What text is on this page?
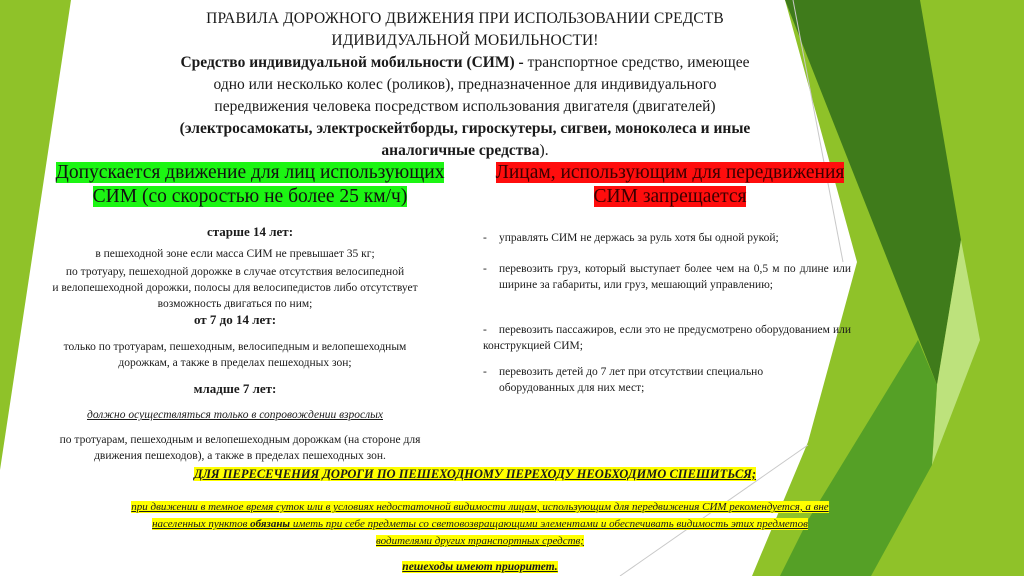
ПРАВИЛА ДОРОЖНОГО ДВИЖЕНИЯ ПРИ ИСПОЛЬЗОВАНИИ СРЕДСТВ
ИДИВИДУАЛЬНОЙ МОБИЛЬНОСТИ!
Средство индивидуальной мобильности (СИМ) - транспортное средство, имеющее
одно или несколько колес (роликов), предназначенное для индивидуального
передвижения человека посредством использования двигателя (двигателей)
(электросамокаты, электроскейтборды, гироскутеры, сигвеи, моноколеса и иные
аналогичные средства).
Допускается движение для лиц использующих
СИМ (со скоростью не более 25 км/ч)
Лицам, использующим для передвижения
СИМ запрещается
старше 14 лет:
в пешеходной зоне если масса СИМ не превышает 35 кг;
по тротуару, пешеходной дорожке в случае отсутствия велосипедной
и велопешеходной дорожки, полосы для велосипедистов либо отсутствует
возможность двигаться по ним;
от 7 до 14 лет:
только по тротуарам, пешеходным, велосипедным и велопешеходным
дорожкам, а также в пределах пешеходных зон;
младше 7 лет:
должно осуществляться только в сопровождении взрослых
по тротуарам, пешеходным и велопешеходным дорожкам (на стороне для
движения пешеходов), а также в пределах пешеходных зон.
-	управлять СИМ не держась за руль хотя бы одной рукой;
-	перевозить груз, который выступает более чем на 0,5 м по длине или ширине за габариты, или груз, мешающий управлению;
- перевозить пассажиров, если это не предусмотрено оборудованием или конструкцией СИМ;
-	перевозить детей до 7 лет при отсутствии специально оборудованных для них мест;
ДЛЯ ПЕРЕСЕЧЕНИЯ ДОРОГИ ПО ПЕШЕХОДНОМУ ПЕРЕХОДУ НЕОБХОДИМО СПЕШИТЬСЯ;
при движении в темное время суток или в условиях недостаточной видимости лицам, использующим для передвижения СИМ рекомендуется, а вне
населенных пунктов обязаны иметь при себе предметы со световозвращающими элементами и обеспечивать видимость этих предметов
водителями других транспортных средств;
пешеходы имеют приоритет.
